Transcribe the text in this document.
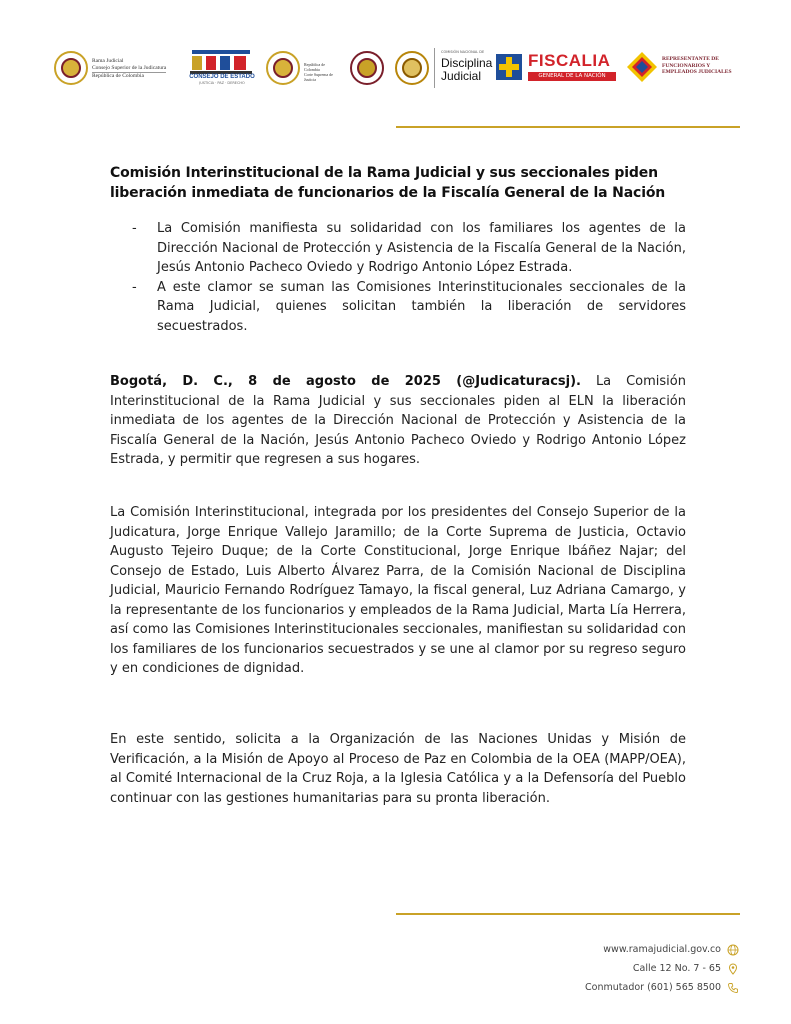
Rama Judicial
Consejo Superior de la Judicatura
República de Colombia	CONSEJO DE ESTADO
JUSTICIA · PAZ · DERECHO
República de Colombia
Corte Suprema de Justicia
COMISIÓN NACIONAL DE
Disciplina
Judicial
FISCALIA
GENERAL DE LA NACIÓN
REPRESENTANTE DE
FUNCIONARIOS Y
EMPLEADOS JUDICIALES
Comisión Interinstitucional de la Rama Judicial y sus seccionales piden liberación inmediata de funcionarios de la Fiscalía General de la Nación
- La Comisión manifiesta su solidaridad con los familiares los agentes de la Dirección Nacional de Protección y Asistencia de la Fiscalía General de la Nación, Jesús Antonio Pacheco Oviedo y Rodrigo Antonio López Estrada.
- A este clamor se suman las Comisiones Interinstitucionales seccionales de la Rama Judicial, quienes solicitan también la liberación de servidores secuestrados.

Bogotá, D. C., 8 de agosto de 2025 (@Judicaturacsj). La Comisión Interinstitucional de la Rama Judicial y sus seccionales piden al ELN la liberación inmediata de los agentes de la Dirección Nacional de Protección y Asistencia de la Fiscalía General de la Nación, Jesús Antonio Pacheco Oviedo y Rodrigo Antonio López Estrada, y permitir que regresen a sus hogares.

La Comisión Interinstitucional, integrada por los presidentes del Consejo Superior de la Judicatura, Jorge Enrique Vallejo Jaramillo; de la Corte Suprema de Justicia, Octavio Augusto Tejeiro Duque; de la Corte Constitucional, Jorge Enrique Ibáñez Najar; del Consejo de Estado, Luis Alberto Álvarez Parra, de la Comisión Nacional de Disciplina Judicial, Mauricio Fernando Rodríguez Tamayo, la fiscal general, Luz Adriana Camargo, y la representante de los funcionarios y empleados de la Rama Judicial, Marta Lía Herrera, así como las Comisiones Interinstitucionales seccionales, manifiestan su solidaridad con los familiares de los funcionarios secuestrados y se une al clamor por su regreso seguro y en condiciones de dignidad.

En este sentido, solicita a la Organización de las Naciones Unidas y Misión de Verificación, a la Misión de Apoyo al Proceso de Paz en Colombia de la OEA (MAPP/OEA), al Comité Internacional de la Cruz Roja, a la Iglesia Católica y a la Defensoría del Pueblo continuar con las gestiones humanitarias para su pronta liberación.

www.ramajudicial.gov.co
Calle 12 No. 7 - 65
Conmutador (601) 565 8500
